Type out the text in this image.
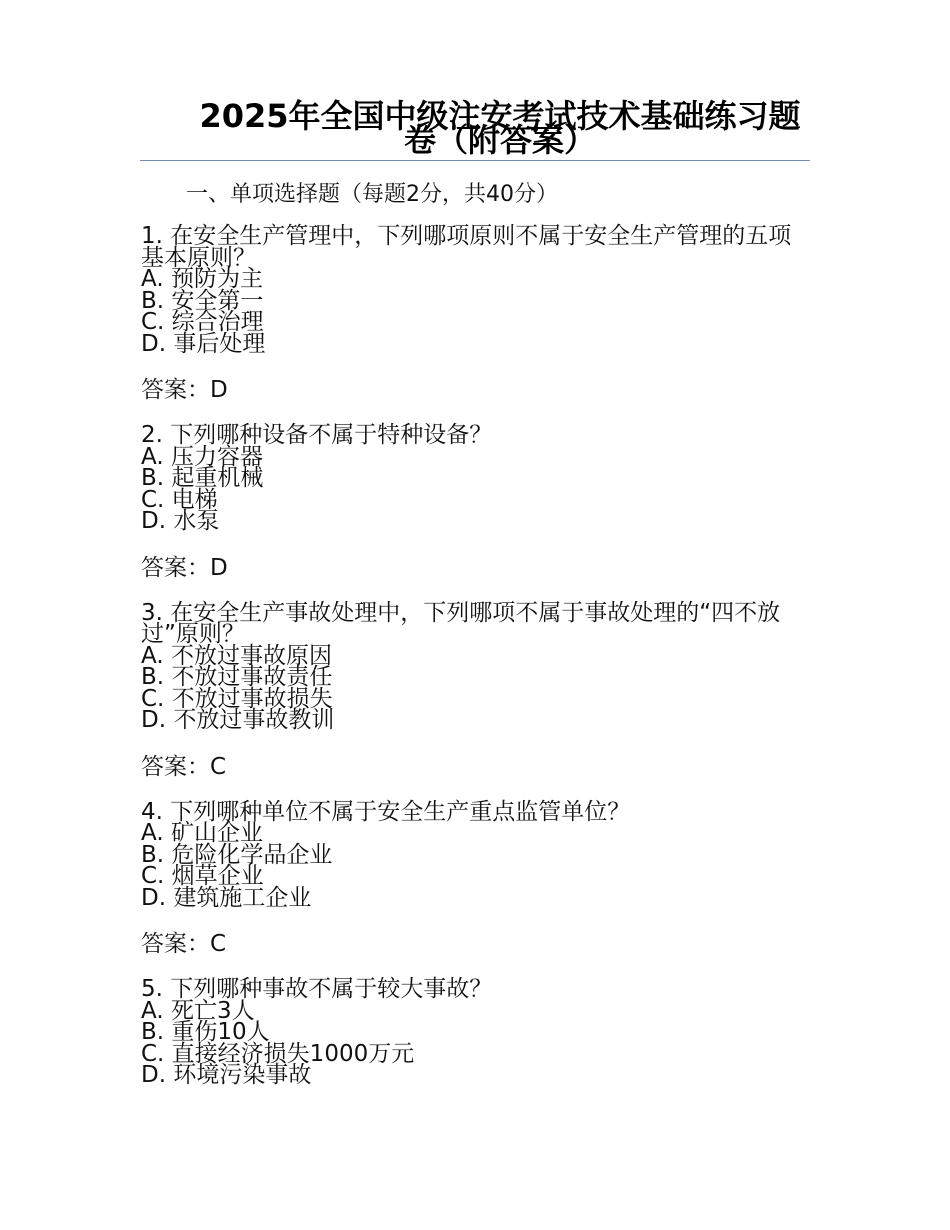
2025年全国中级注安考试技术基础练习题卷（附答案）
一、单项选择题（每题2分，共40分）
1. 在安全生产管理中，下列哪项原则不属于安全生产管理的五项基本原则？
A. 预防为主
B. 安全第一
C. 综合治理
D. 事后处理
答案：D
2. 下列哪种设备不属于特种设备？
A. 压力容器
B. 起重机械
C. 电梯
D. 水泵
答案：D
3. 在安全生产事故处理中，下列哪项不属于事故处理的“四不放过”原则？
A. 不放过事故原因
B. 不放过事故责任
C. 不放过事故损失
D. 不放过事故教训
答案：C
4. 下列哪种单位不属于安全生产重点监管单位？
A. 矿山企业
B. 危险化学品企业
C. 烟草企业
D. 建筑施工企业
答案：C
5. 下列哪种事故不属于较大事故？
A. 死亡3人
B. 重伤10人
C. 直接经济损失1000万元
D. 环境污染事故
